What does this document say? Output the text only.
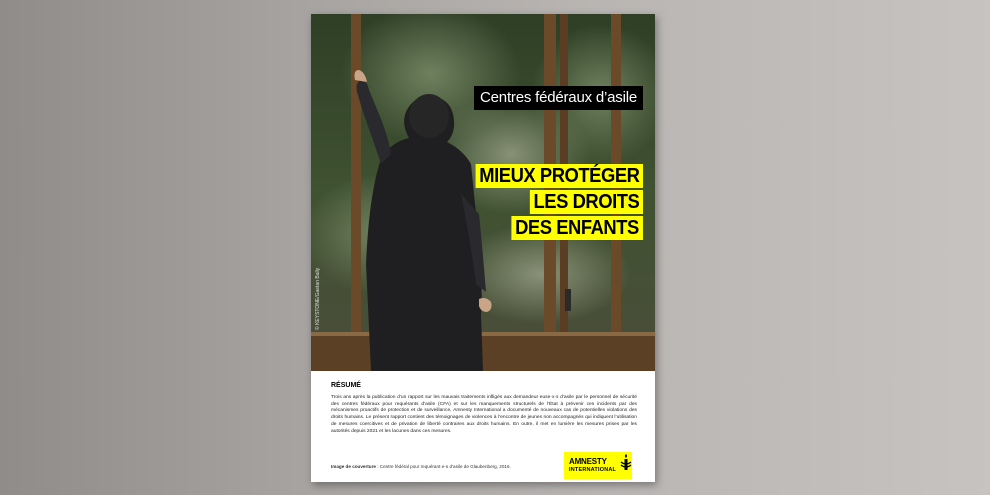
Centres fédéraux d’asile
MIEUX PROTÉGER
LES DROITS
DES ENFANTS
© KEYSTONE/Gaetan Bally
RÉSUMÉ
Trois ans après la publication d’un rapport sur les mauvais traitements infligés aux demandeur·euse·x·s d’asile par le personnel de sécurité des centres fédéraux pour requérants d’asile (CFA) et sur les manquements structurels de l’État à prévenir ces incidents par des mécanismes proactifs de protection et de surveillance, Amnesty International a documenté de nouveaux cas de potentielles violations des droits humains. Le présent rapport contient des témoignages de violences à l’encontre de jeunes non accompagnés qui indiquent l’utilisation de mesures coercitives et de privation de liberté contraires aux droits humains. En outre, il met en lumière les mesures prises par les autorités depuis 2021 et les lacunes dans ces mesures.
Image de couverture : Centre fédéral pour requérant·e·s d’asile de Glaubenberg, 2016.
AMNESTY
INTERNATIONAL
